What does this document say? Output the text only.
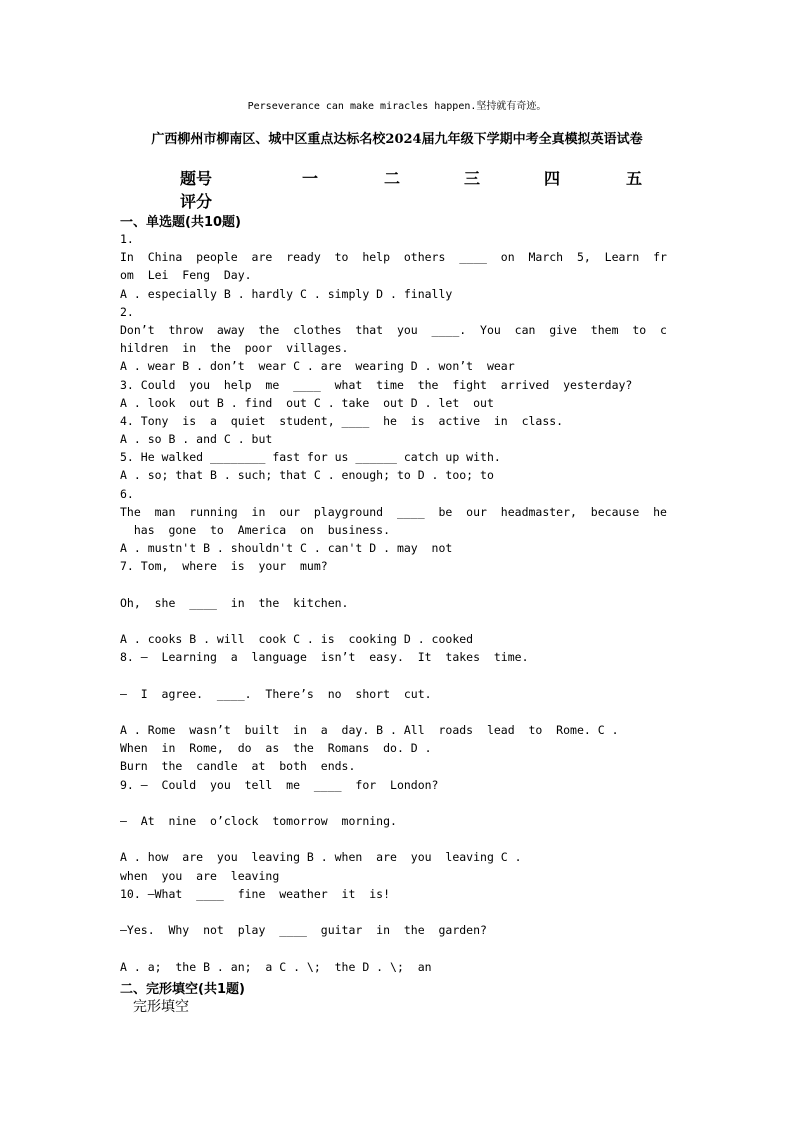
Perseverance can make miracles happen.坚持就有奇迹。
广西柳州市柳南区、城中区重点达标名校2024届九年级下学期中考全真模拟英语试卷
题号	一	二	三	四	五
评分
一、单选题(共10题)
1.
In  China  people  are  ready  to  help  others  ____  on  March  5,  Learn  fr
om  Lei  Feng  Day.
A . especially B . hardly C . simply D . finally
2.
Don’t  throw  away  the  clothes  that  you  ____.  You  can  give  them  to  c
hildren  in  the  poor  villages.
A . wear B . don’t  wear C . are  wearing D . won’t  wear
3. Could  you  help  me  ____  what  time  the  fight  arrived  yesterday?
A . look  out B . find  out C . take  out D . let  out
4. Tony  is  a  quiet  student, ____  he  is  active  in  class.
A . so B . and C . but
5. He walked ________ fast for us ______ catch up with.
A . so; that B . such; that C . enough; to D . too; to
6.
The  man  running  in  our  playground  ____  be  our  headmaster,  because  he
has  gone  to  America  on  business.
A . mustn't B . shouldn't C . can't D . may  not
7. Tom,  where  is  your  mum?
Oh,  she  ____  in  the  kitchen.
A . cooks B . will  cook C . is  cooking D . cooked
8. —  Learning  a  language  isn’t  easy.  It  takes  time.
—  I  agree.  ____.  There’s  no  short  cut.
A . Rome  wasn’t  built  in  a  day. B . All  roads  lead  to  Rome. C .
When  in  Rome,  do  as  the  Romans  do. D .
Burn  the  candle  at  both  ends.
9. —  Could  you  tell  me  ____  for  London?
—  At  nine  o’clock  tomorrow  morning.
A . how  are  you  leaving B . when  are  you  leaving C .
when  you  are  leaving
10. —What  ____  fine  weather  it  is!
—Yes.  Why  not  play  ____  guitar  in  the  garden?
A . a;  the B . an;  a C . \;  the D . \;  an
二、完形填空(共1题)
完形填空
